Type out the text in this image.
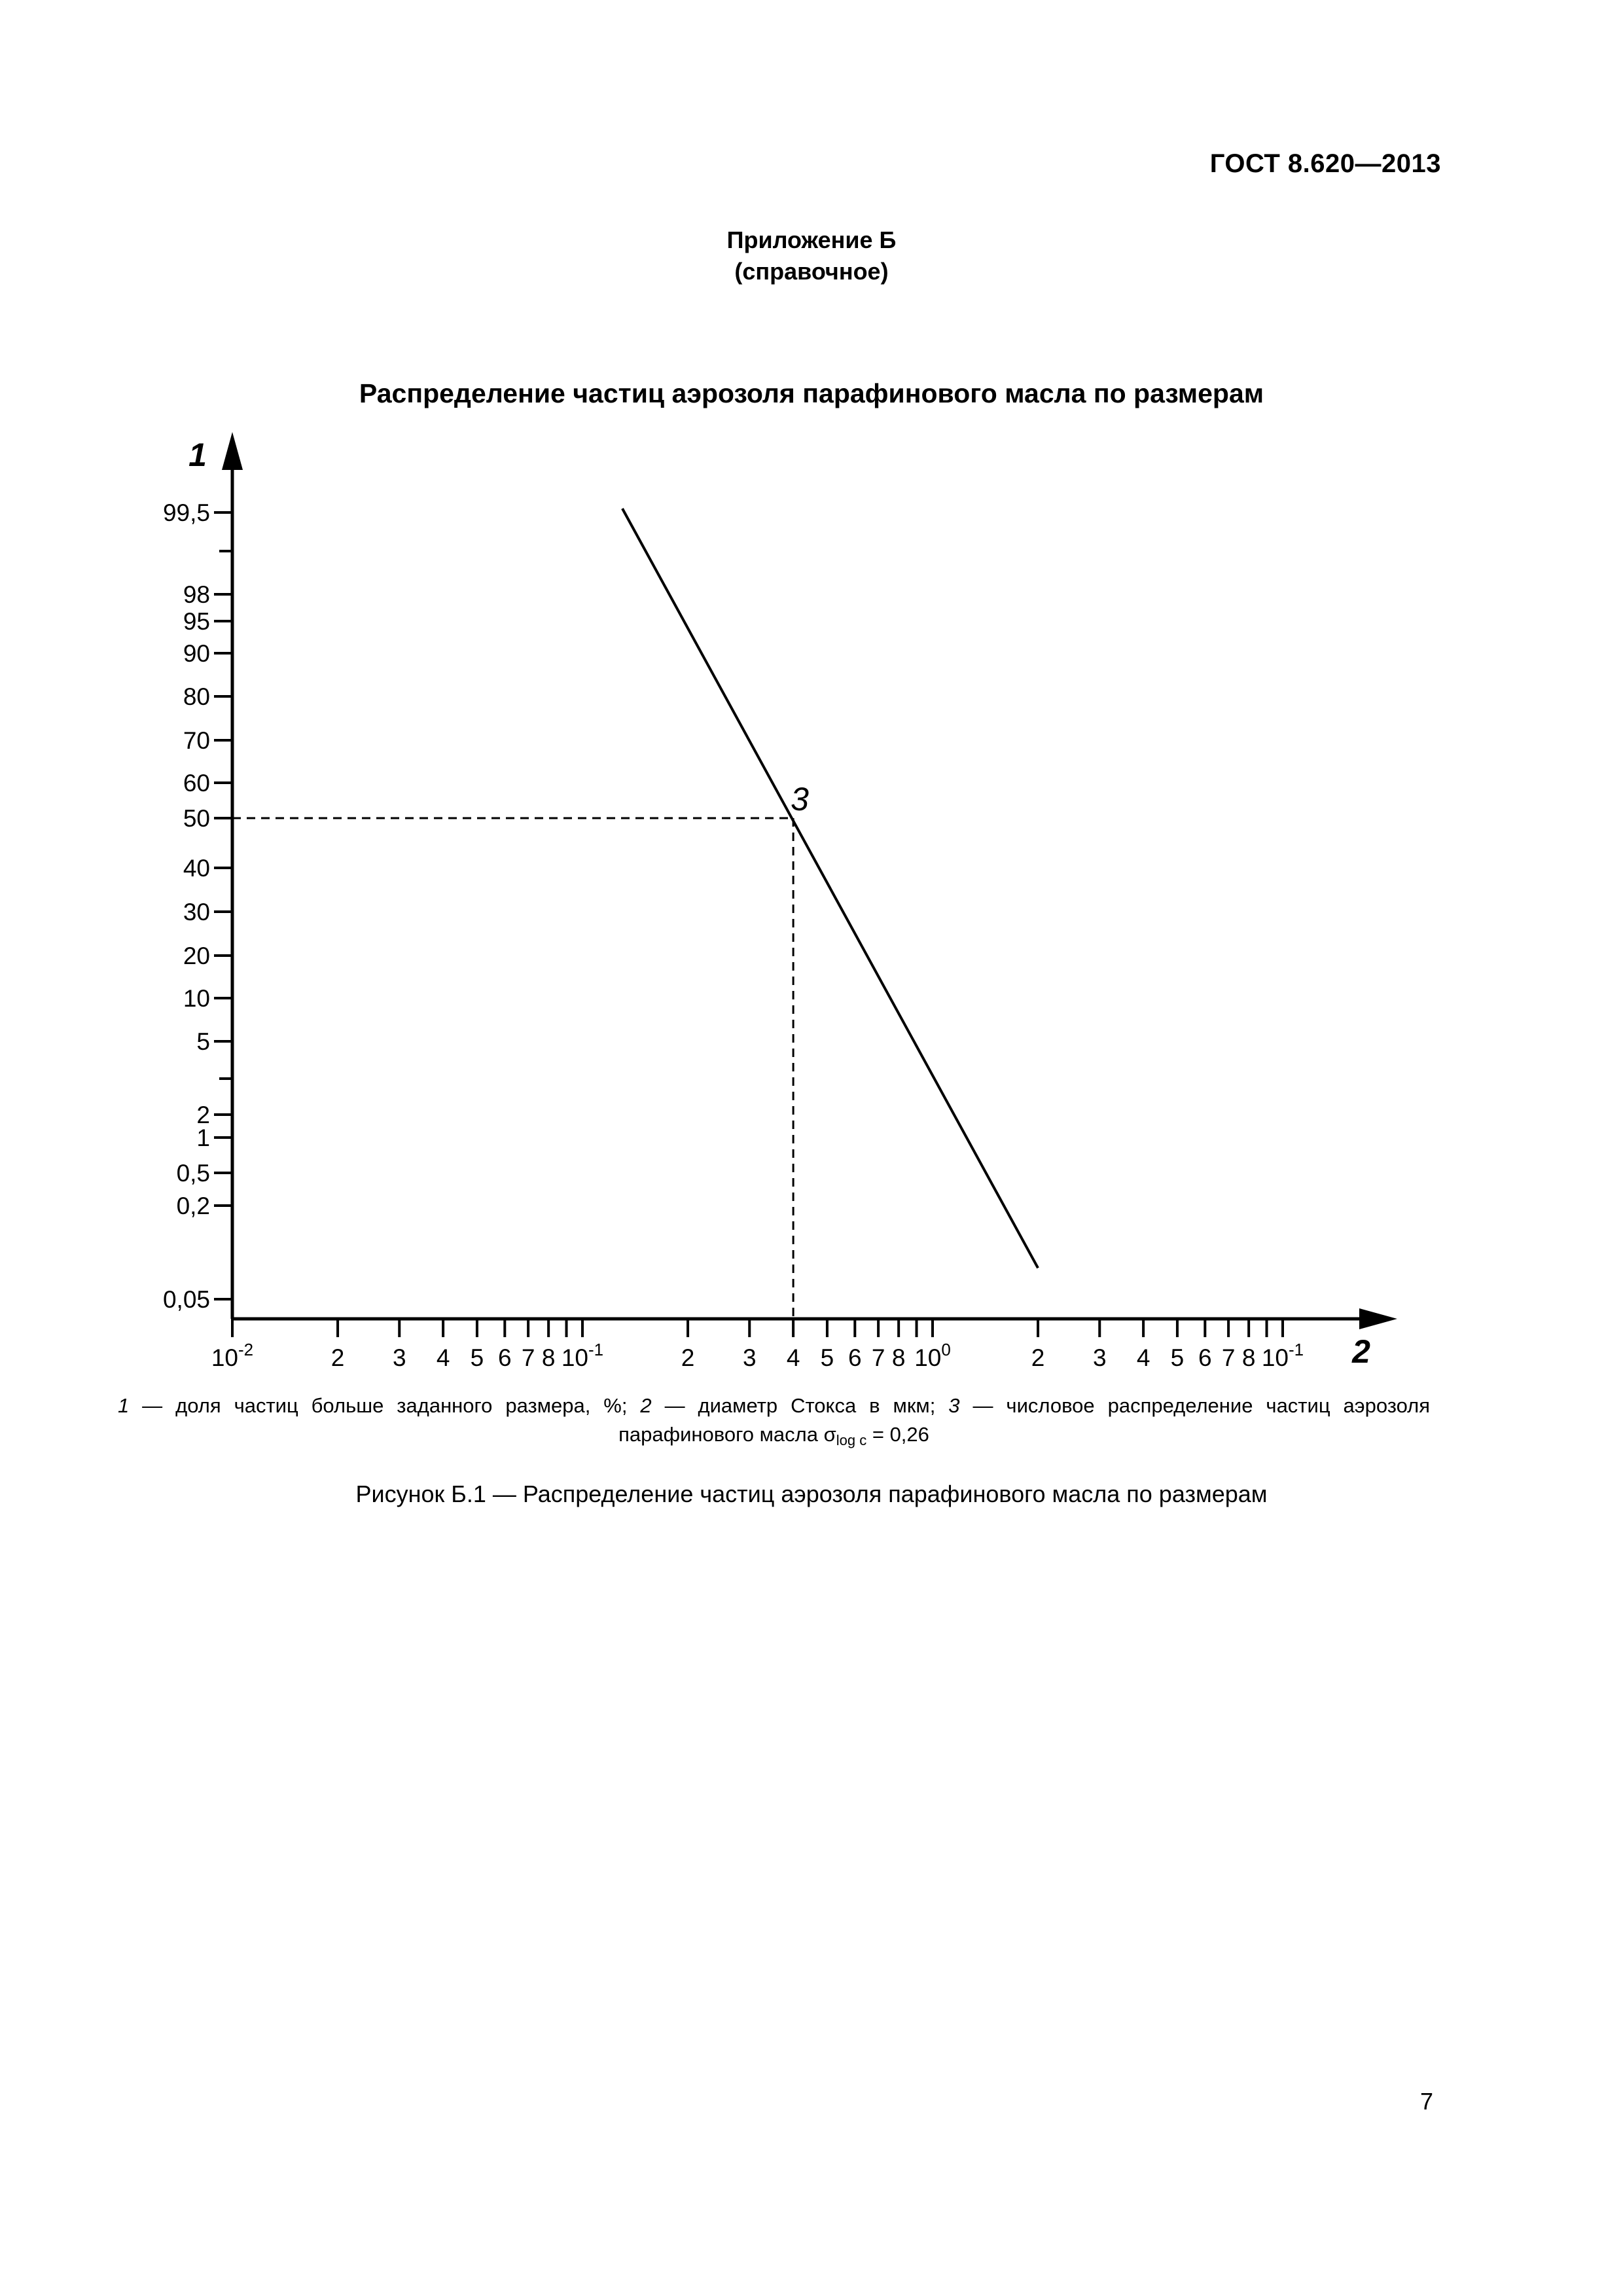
ГОСТ 8.620—2013
Приложение Б
(справочное)
Распределение частиц аэрозоля парафинового масла по размерам
1
2
99,5
98
95
90
80
70
60
50
40
30
20
10
5
2
1
0,5
0,2
0,05
$10^{-2}$	2 3 4 5 6 7 8 $10^{-1}$	2 3 4 5 6 7 8 $10^0$	2 3 4 5 6 7 8 $10^{-1}$
3
1 — доля частиц больше заданного размера, %; 2 — диаметр Стокса в мкм; 3 — числовое распределение частиц аэрозоля парафинового масла $\sigma_{log c} = 0,26$
Рисунок Б.1 — Распределение частиц аэрозоля парафинового масла по размерам
7
